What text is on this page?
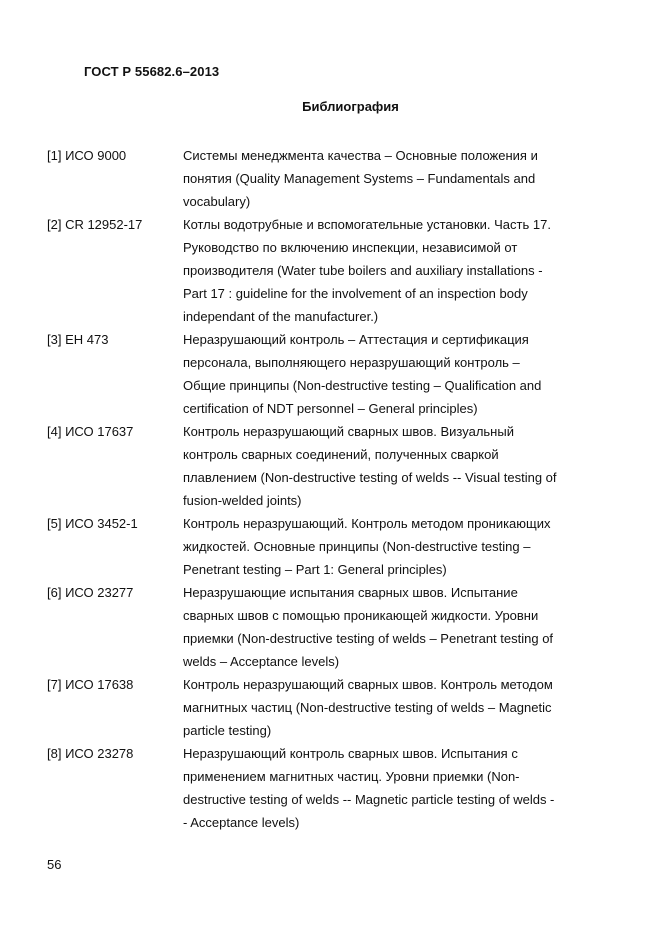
ГОСТ Р 55682.6–2013
Библиография
[1] ИСО 9000	Системы менеджмента качества – Основные положения и
понятия (Quality Management Systems – Fundamentals and
vocabulary)
[2] CR 12952-17	Котлы водотрубные и вспомогательные установки. Часть 17.
Руководство по включению инспекции, независимой от
производителя (Water tube boilers and auxiliary installations -
Part 17 : guideline for the involvement of an inspection body
independant of the manufacturer.)
[3] ЕН 473	Неразрушающий контроль – Аттестация и сертификация
персонала, выполняющего неразрушающий контроль –
Общие принципы (Non-destructive testing – Qualification and
certification of NDT personnel – General principles)
[4] ИСО 17637	Контроль неразрушающий сварных швов. Визуальный
контроль сварных соединений, полученных сваркой
плавлением (Non-destructive testing of welds -- Visual testing of
fusion-welded joints)
[5] ИСО 3452-1	Контроль неразрушающий. Контроль методом проникающих
жидкостей. Основные принципы (Non-destructive testing –
Penetrant testing – Part 1: General principles)
[6] ИСО 23277	Неразрушающие испытания сварных швов. Испытание
сварных швов с помощью проникающей жидкости. Уровни
приемки (Non-destructive testing of welds – Penetrant testing of
welds – Acceptance levels)
[7] ИСО 17638	Контроль неразрушающий сварных швов. Контроль методом
магнитных частиц (Non-destructive testing of welds – Magnetic
particle testing)
[8] ИСО 23278	Неразрушающий контроль сварных швов. Испытания с
применением магнитных частиц. Уровни приемки (Non-
destructive testing of welds -- Magnetic particle testing of welds -
- Acceptance levels)
56
